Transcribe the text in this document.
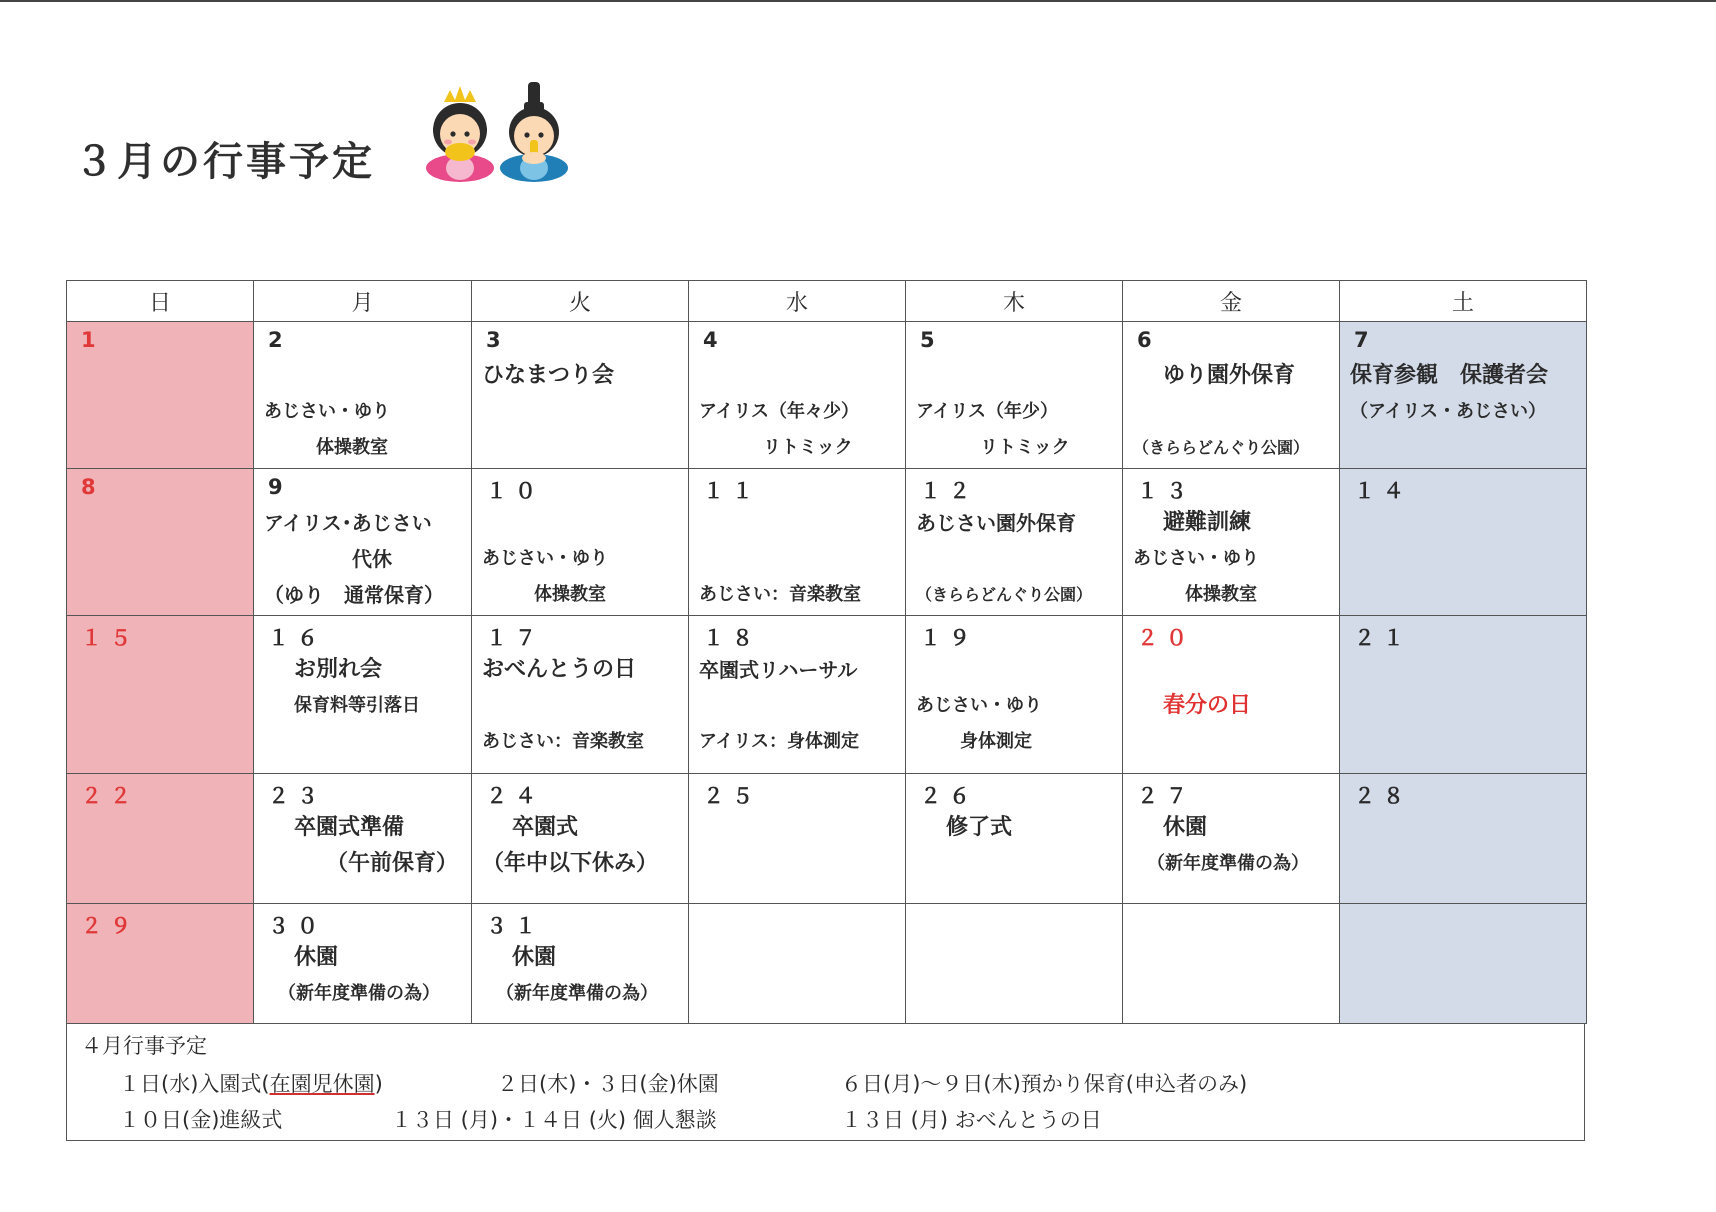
３月の行事予定
日	月	火	水	木	金	土

1	2
あじさい・ゆり
体操教室	3
ひなまつり会	4
アイリス（年々少）
リトミック	5
アイリス（年少）
リトミック	6
ゆり園外保育
（きららどんぐり公園）	7
保育参観　保護者会
（アイリス・あじさい）

8	9
アイリス･あじさい
代休
（ゆり　通常保育）	１０
あじさい・ゆり
体操教室	１１
あじさい：音楽教室	１２
あじさい園外保育
（きららどんぐり公園）	１３
避難訓練
あじさい・ゆり
体操教室	１４

１５	１６
お別れ会
保育料等引落日	１７
おべんとうの日
あじさい：音楽教室	１８
卒園式リハーサル
アイリス：身体測定	１９
あじさい・ゆり
身体測定	２０
春分の日	２１

２２	２３
卒園式準備
（午前保育）	２４
卒園式
（年中以下休み）	２５	２６
修了式	２７
休園
（新年度準備の為）	２８

２９	３０
休園
（新年度準備の為）	３１
休園
（新年度準備の為）				

４月行事予定
１日(水)入園式(在園児休園)	２日(木)・３日(金)休園	６日(月)～９日(木)預かり保育(申込者のみ)
１０日(金)進級式	１３日 (月)・１４日 (火) 個人懇談	１３日 (月) おべんとうの日
